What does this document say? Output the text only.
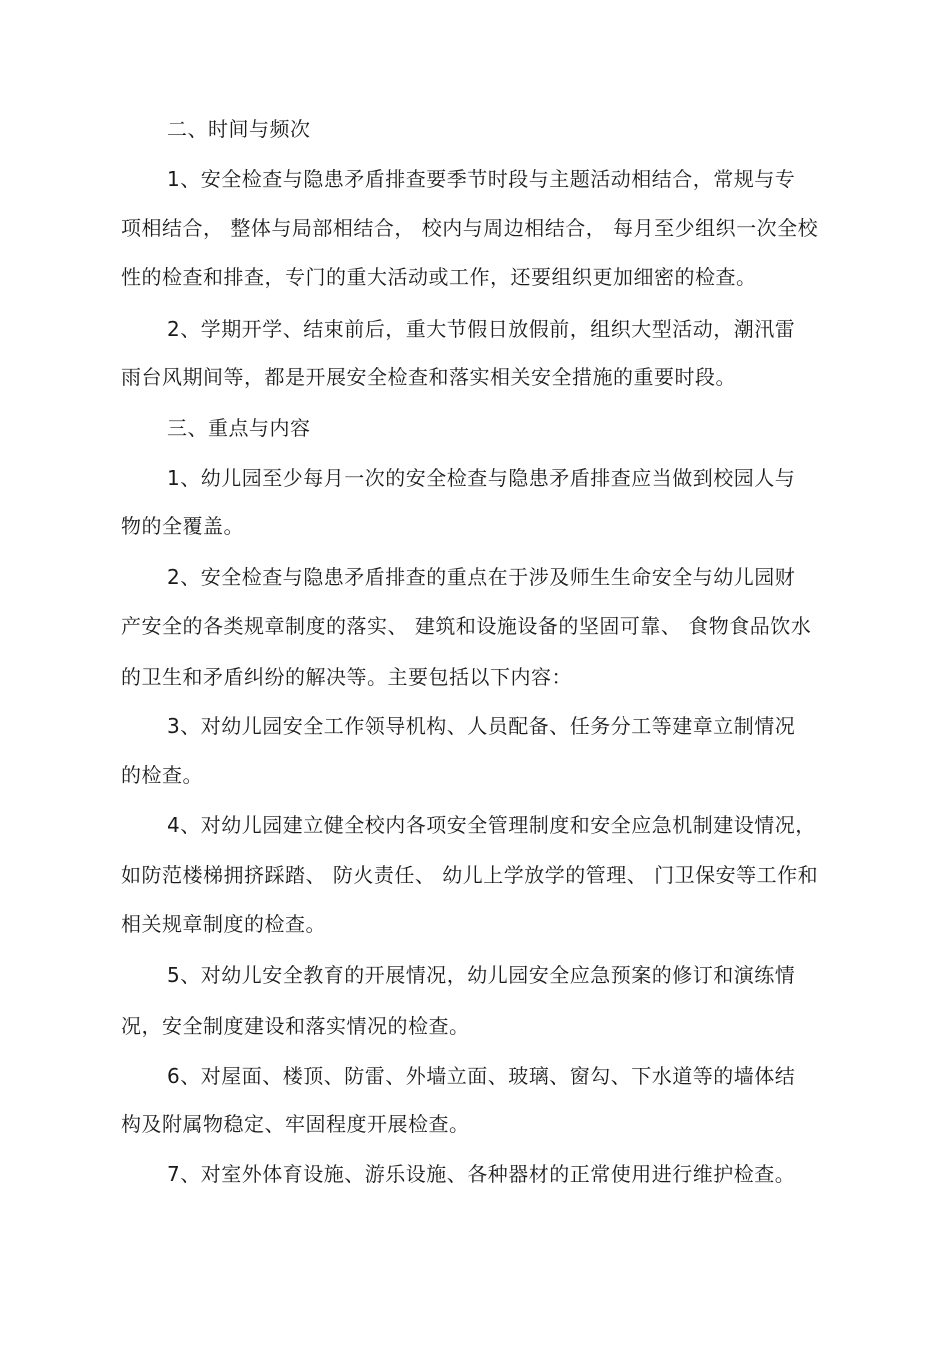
二、时间与频次
1、安全检查与隐患矛盾排查要季节时段与主题活动相结合，常规与专
项相结合， 整体与局部相结合， 校内与周边相结合， 每月至少组织一次全校
性的检查和排查，专门的重大活动或工作，还要组织更加细密的检查。
2、学期开学、结束前后，重大节假日放假前，组织大型活动，潮汛雷
雨台风期间等，都是开展安全检查和落实相关安全措施的重要时段。
三、重点与内容
1、幼儿园至少每月一次的安全检查与隐患矛盾排查应当做到校园人与
物的全覆盖。
2、安全检查与隐患矛盾排查的重点在于涉及师生生命安全与幼儿园财
产安全的各类规章制度的落实、 建筑和设施设备的坚固可靠、 食物食品饮水
的卫生和矛盾纠纷的解决等。主要包括以下内容：
3、对幼儿园安全工作领导机构、人员配备、任务分工等建章立制情况
的检查。
4、对幼儿园建立健全校内各项安全管理制度和安全应急机制建设情况，
如防范楼梯拥挤踩踏、 防火责任、 幼儿上学放学的管理、 门卫保安等工作和
相关规章制度的检查。
5、对幼儿安全教育的开展情况，幼儿园安全应急预案的修订和演练情
况，安全制度建设和落实情况的检查。
6、对屋面、楼顶、防雷、外墙立面、玻璃、窗勾、下水道等的墙体结
构及附属物稳定、牢固程度开展检查。
7、对室外体育设施、游乐设施、各种器材的正常使用进行维护检查。
